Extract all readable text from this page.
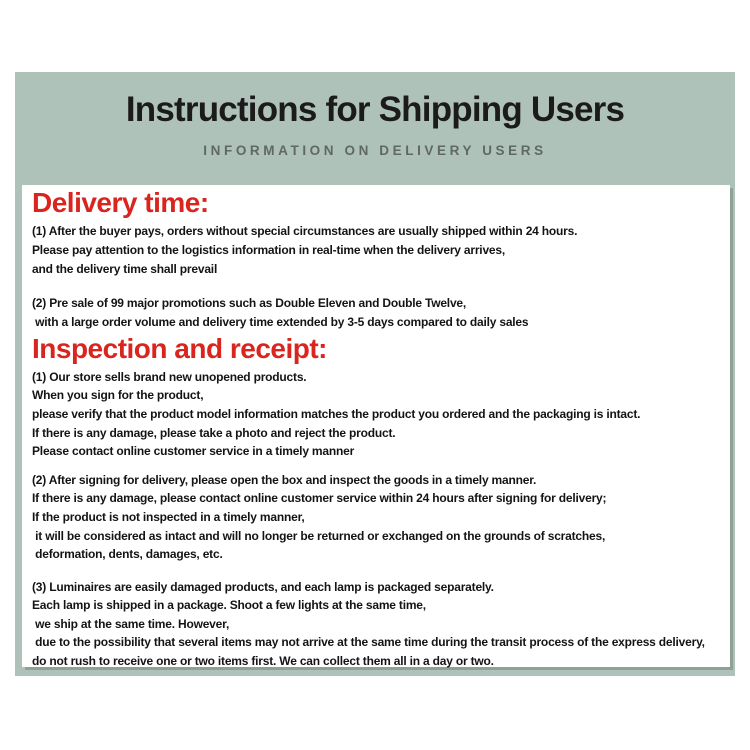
Instructions for Shipping Users
INFORMATION ON DELIVERY USERS
Delivery time:
(1) After the buyer pays, orders without special circumstances are usually shipped within 24 hours.
Please pay attention to the logistics information in real-time when the delivery arrives,
and the delivery time shall prevail
(2) Pre sale of 99 major promotions such as Double Eleven and Double Twelve,
with a large order volume and delivery time extended by 3-5 days compared to daily sales
Inspection and receipt:
(1) Our store sells brand new unopened products.
When you sign for the product,
please verify that the product model information matches the product you ordered and the packaging is intact.
If there is any damage, please take a photo and reject the product.
Please contact online customer service in a timely manner
(2) After signing for delivery, please open the box and inspect the goods in a timely manner.
If there is any damage, please contact online customer service within 24 hours after signing for delivery;
If the product is not inspected in a timely manner,
it will be considered as intact and will no longer be returned or exchanged on the grounds of scratches,
deformation, dents, damages, etc.
(3) Luminaires are easily damaged products, and each lamp is packaged separately.
Each lamp is shipped in a package. Shoot a few lights at the same time,
we ship at the same time. However,
due to the possibility that several items may not arrive at the same time during the transit process of the express delivery,
do not rush to receive one or two items first. We can collect them all in a day or two.
